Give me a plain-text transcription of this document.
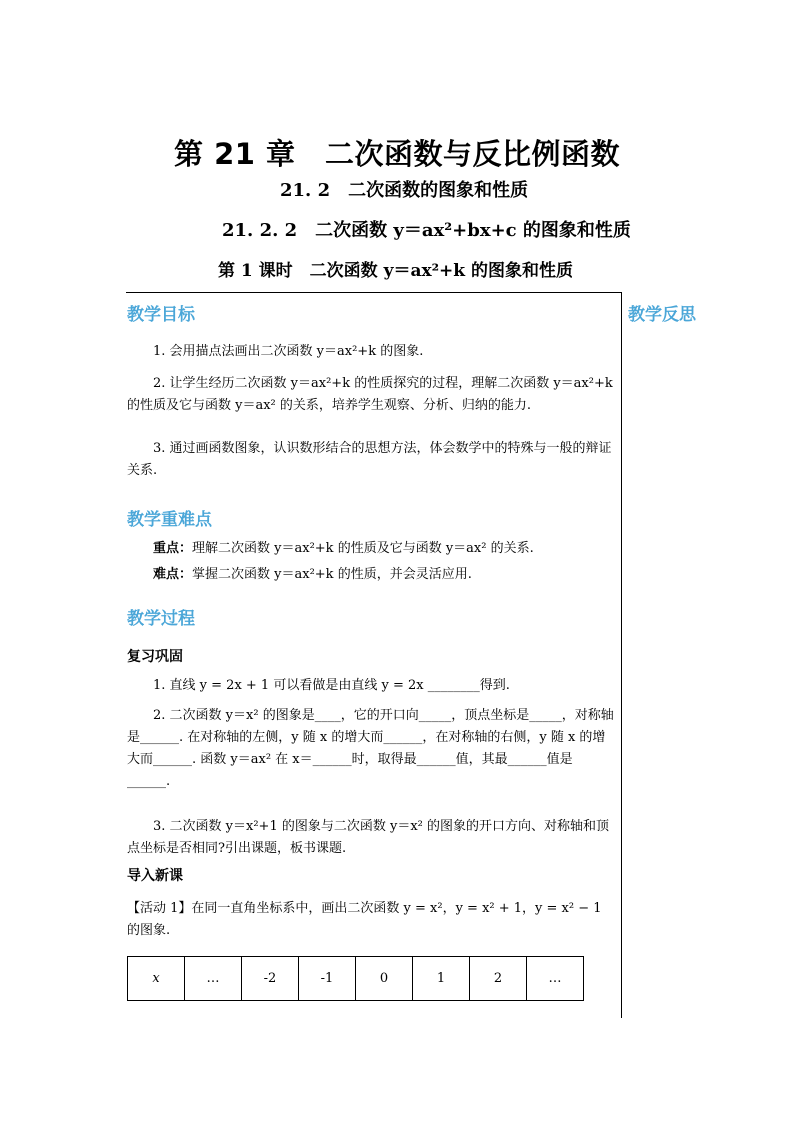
第 21 章　二次函数与反比例函数
21. 2　二次函数的图象和性质
21. 2. 2　二次函数 y＝ax²+bx+c 的图象和性质
第 1 课时　二次函数 y＝ax²+k 的图象和性质
教学目标	教学反思
1. 会用描点法画出二次函数 y＝ax²+k 的图象.
2. 让学生经历二次函数 y＝ax²+k 的性质探究的过程，理解二次函数 y＝ax²+k 的性质及它与函数 y＝ax² 的关系，培养学生观察、分析、归纳的能力.
3. 通过画函数图象，认识数形结合的思想方法，体会数学中的特殊与一般的辩证关系.
教学重难点
重点：理解二次函数 y＝ax²+k 的性质及它与函数 y＝ax² 的关系.
难点：掌握二次函数 y＝ax²+k 的性质，并会灵活应用.
教学过程
复习巩固
1. 直线 y = 2x + 1 可以看做是由直线 y = 2x ________得到.
2. 二次函数 y＝x² 的图象是____，它的开口向_____，顶点坐标是_____，对称轴是______. 在对称轴的左侧，y 随 x 的增大而______，在对称轴的右侧，y 随 x 的增大而______. 函数 y＝ax² 在 x＝______时，取得最______值，其最______值是______.
3. 二次函数 y＝x²+1 的图象与二次函数 y＝x² 的图象的开口方向、对称轴和顶点坐标是否相同?引出课题，板书课题.
导入新课
【活动 1】在同一直角坐标系中，画出二次函数 y = x²，y = x² + 1，y = x² − 1 的图象.
x	…	-2	-1	0	1	2	…
